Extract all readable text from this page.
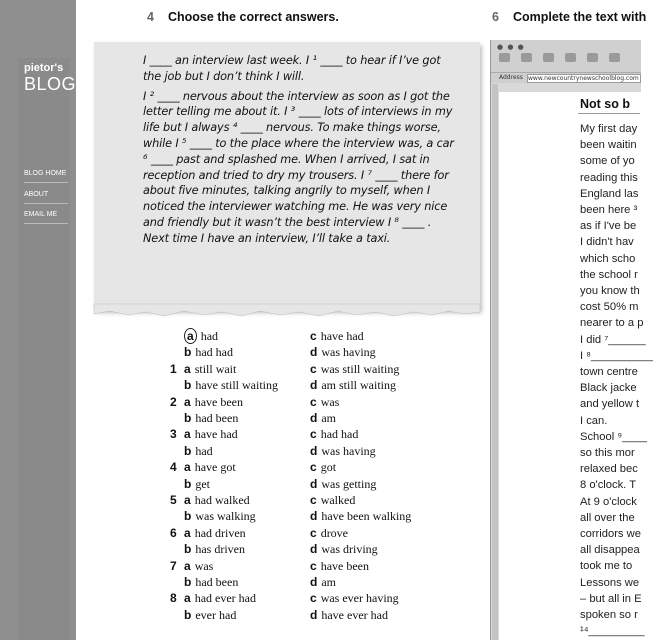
4 Choose the correct answers.	6 Complete the text with

I ____ an interview last week. I ¹ ____ to hear if I’ve got the job but I don’t think I will.

I ² ____ nervous about the interview as soon as I got the letter telling me about it. I ³ ____ lots of interviews in my life but I always ⁴ ____ nervous. To make things worse, while I ⁵ ____ to the place where the interview was, a car ⁶ ____ past and splashed me. When I arrived, I sat in reception and tried to dry my trousers. I ⁷ ____ there for about five minutes, talking angrily to myself, when I noticed the interviewer watching me. He was very nice and friendly but it wasn’t the best interview I ⁸ ____ . Next time I have an interview, I’ll take a taxi.

a had
b had had
c have had
d was having
1 a still wait
b have still waiting
c was still waiting
d am still waiting
2 a have been
b had been
c was
d am
3 a have had
b had
c had had
d was having
4 a have got
b get
c got
d was getting
5 a had walked
b was walking
c walked
d have been walking
6 a had driven
b has driven
c drove
d was driving
7 a was
b had been
c have been
d am
8 a had ever had
b ever had
c was ever having
d have ever had
● ● ●
Address www.newcountrynewschoolblog.com
pietor's
BLOG
BLOG HOME
ABOUT
EMAIL ME
Not so b
My first day
been waitin
some of yo
reading this
England las
been here ³
as if I've be
I didn't hav
which scho
the school r
you know th
cost 50% m
nearer to a p
I did ⁷______
I ⁸__________
town centre
Black jacke
and yellow t
I can.
School ⁹____
so this mor
relaxed bec
8 o'clock. T
At 9 o'clock
all over the
corridors we
all disappea
took me to
Lessons we
– but all in E
spoken so r
¹⁴_________
